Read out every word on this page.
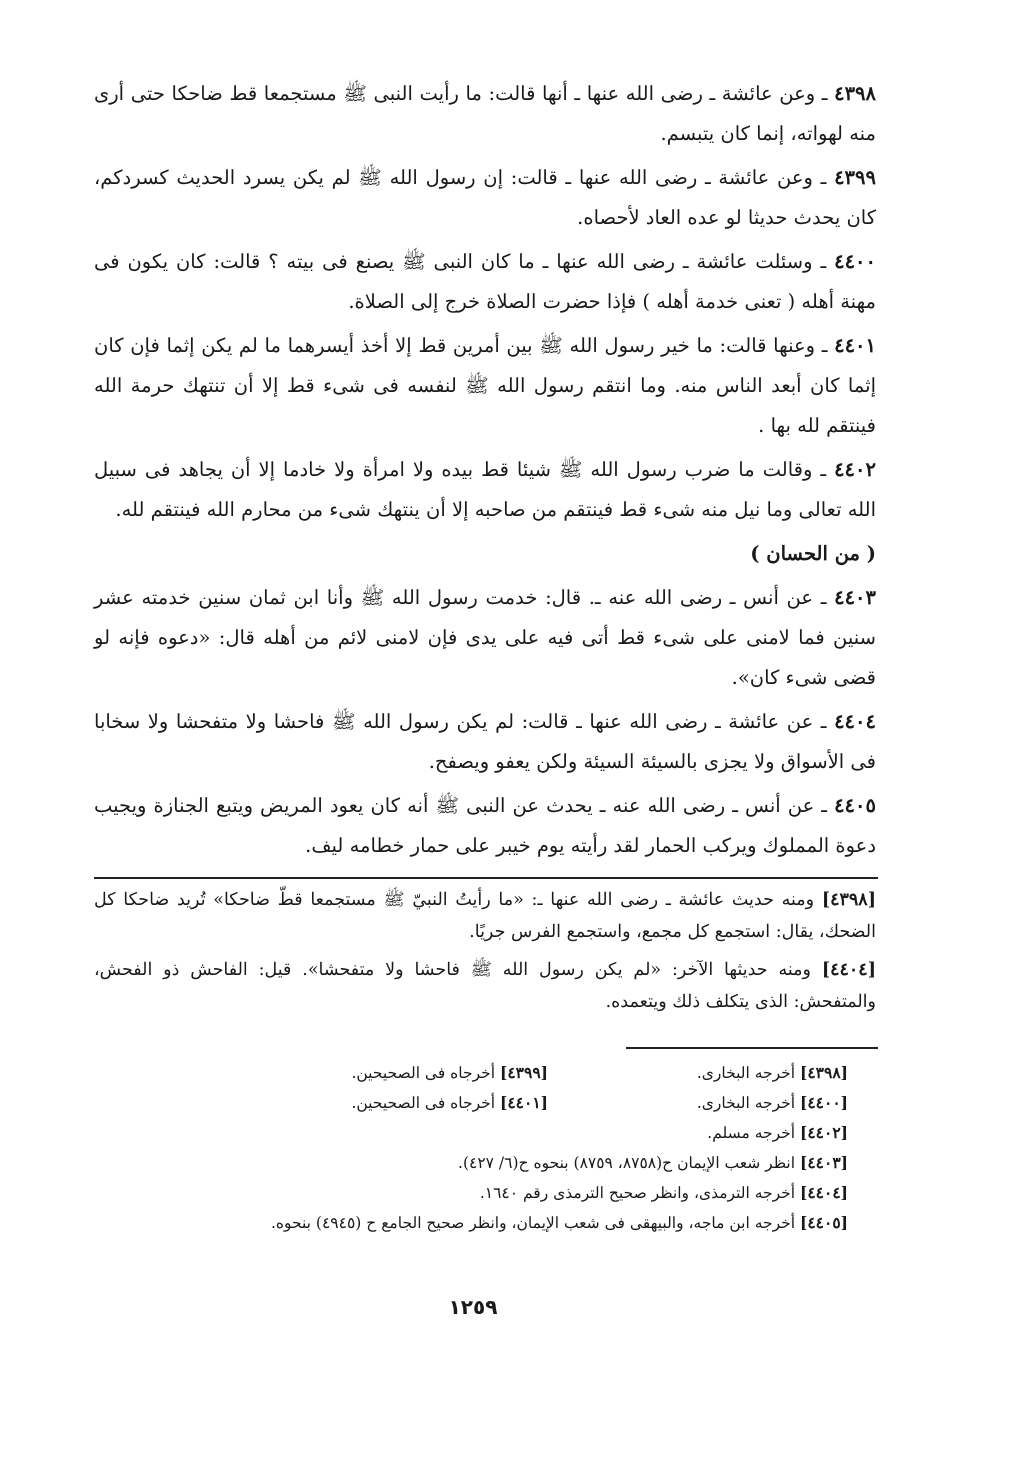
٤٣٩٨ ـ وعن عائشة ـ رضى الله عنها ـ أنها قالت: ما رأيت النبى ﷺ مستجمعا قط ضاحكا حتى أرى منه لهواته، إنما كان يتبسم.

٤٣٩٩ ـ وعن عائشة ـ رضى الله عنها ـ قالت: إن رسول الله ﷺ لم يكن يسرد الحديث كسردكم، كان يحدث حديثا لو عده العاد لأحصاه.

٤٤٠٠ ـ وسئلت عائشة ـ رضى الله عنها ـ ما كان النبى ﷺ يصنع فى بيته ؟ قالت: كان يكون فى مهنة أهله ( تعنى خدمة أهله ) فإذا حضرت الصلاة خرج إلى الصلاة.

٤٤٠١ ـ وعنها قالت: ما خير رسول الله ﷺ بين أمرين قط إلا أخذ أيسرهما ما لم يكن إثما فإن كان إثما كان أبعد الناس منه. وما انتقم رسول الله ﷺ لنفسه فى شىء قط إلا أن تنتهك حرمة الله فينتقم لله بها .

٤٤٠٢ ـ وقالت ما ضرب رسول الله ﷺ شيئا قط بيده ولا امرأة ولا خادما إلا أن يجاهد فى سبيل الله تعالى وما نيل منه شىء قط فينتقم من صاحبه إلا أن ينتهك شىء من محارم الله فينتقم لله.

( من الحسان )

٤٤٠٣ ـ عن أنس ـ رضى الله عنه ـ. قال: خدمت رسول الله ﷺ وأنا ابن ثمان سنين خدمته عشر سنين فما لامنى على شىء قط أتى فيه على يدى فإن لامنى لائم من أهله قال: «دعوه فإنه لو قضى شىء كان».

٤٤٠٤ ـ عن عائشة ـ رضى الله عنها ـ قالت: لم يكن رسول الله ﷺ فاحشا ولا متفحشا ولا سخابا فى الأسواق ولا يجزى بالسيئة السيئة ولكن يعفو ويصفح.

٤٤٠٥ ـ عن أنس ـ رضى الله عنه ـ يحدث عن النبى ﷺ أنه كان يعود المريض ويتبع الجنازة ويجيب دعوة المملوك ويركب الحمار لقد رأيته يوم خيبر على حمار خطامه ليف.

[٤٣٩٨] ومنه حديث عائشة ـ رضى الله عنها ـ: «ما رأيتُ النبيّ ﷺ مستجمعا قطّ ضاحكا» تُريد ضاحكا كل الضحك، يقال: استجمع كل مجمع، واستجمع الفرس جريًا.

[٤٤٠٤] ومنه حديثها الآخر: «لم يكن رسول الله ﷺ فاحشا ولا متفحشا». قيل: الفاحش ذو الفحش، والمتفحش: الذى يتكلف ذلك ويتعمده.

[٤٣٩٨] أخرجه البخارى.
[٤٣٩٩] أخرجاه فى الصحيحين.
[٤٤٠٠] أخرجه البخارى.
[٤٤٠١] أخرجاه فى الصحيحين.
[٤٤٠٢] أخرجه مسلم.
[٤٤٠٣] انظر شعب الإيمان ح(٨٧٥٨، ٨٧٥٩) بنحوه ح(٦/ ٤٢٧).
[٤٤٠٤] أخرجه الترمذى، وانظر صحيح الترمذى رقم ١٦٤٠.
[٤٤٠٥] أخرجه ابن ماجه، والبيهقى فى شعب الإيمان، وانظر صحيح الجامع ح (٤٩٤٥) بنحوه.
١٢٥٩
